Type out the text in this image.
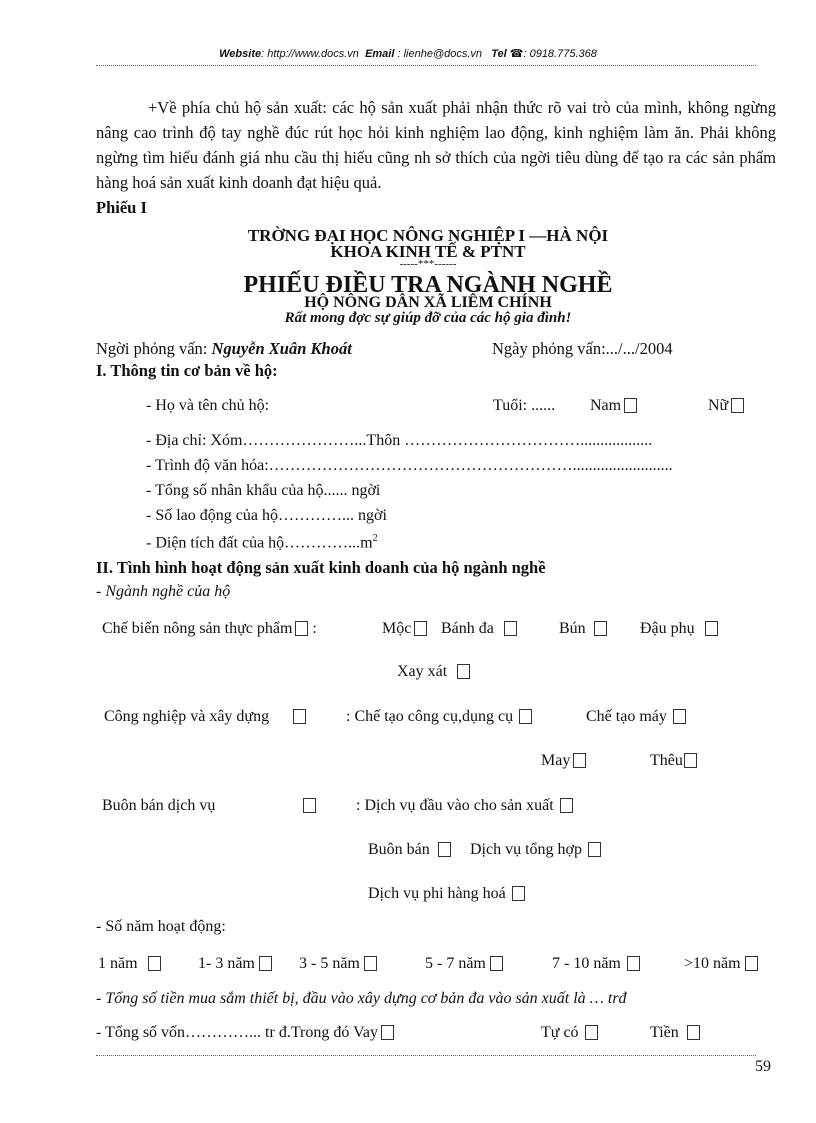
Website: http://www.docs.vn Email : lienhe@docs.vn Tel ☎: 0918.775.368
+Về phía chủ hộ sản xuất: các hộ sản xuất phải nhận thức rõ vai trò của mình, không ngừng nâng cao trình độ tay nghề đúc rút học hỏi kinh nghiệm lao động, kinh nghiệm làm ăn. Phải không ngừng tìm hiểu đánh giá nhu cầu thị hiếu cũng nh sở thích của ngời tiêu dùng để tạo ra các sản phẩm hàng hoá sản xuất kinh doanh đạt hiệu quả.
Phiếu I
TRỜNG ĐẠI HỌC NÔNG NGHIỆP I —HÀ NỘI
KHOA KINH TẾ & PTNT
-----***------
PHIẾU ĐIỀU TRA NGÀNH NGHỀ
HỘ NÔNG DÂN XÃ LIÊM CHÍNH
Rất mong đợc sự giúp đỡ của các hộ gia đình!
Ngời phỏng vấn: Nguyễn Xuân Khoát	Ngày phỏng vấn:.../.../2004
I. Thông tin cơ bản về hộ:
- Họ và tên chủ hộ:	Tuổi: ...... Nam	Nữ
- Địa chỉ: Xóm…………………...Thôn ……………………………..................
- Trình độ văn hóa:………………………………………………….........................
- Tổng số nhân khẩu của hộ...... ngời
- Số lao động của hộ…………... ngời
- Diện tích đất của $hộ\dots\dots\dots\dots...m^2$
II. Tình hình hoạt động sản xuất kinh doanh của hộ ngành nghề
- Ngành nghề của hộ
Chế biến nông sản thực phẩm :	Mộc	Bánh đa	Bún	Đậu phụ
Xay xát
Công nghiệp và xây dựng	: Chế tạo công cụ,dụng cụ	Chế tạo máy
May	Thêu
Buôn bán dịch vụ	: Dịch vụ đầu vào cho sản xuất
Buôn bán	Dịch vụ tổng hợp
Dịch vụ phi hàng hoá
- Số năm hoạt động:
1 năm	1- 3 năm	3 - 5 năm	5 - 7 năm	7 - 10 năm	>10 năm
- Tổng số tiền mua sắm thiết bị, đầu vào xây dựng cơ bản đa vào sản xuất là … trđ
- Tổng số vốn…………... tr đ.Trong đó Vay	Tự có	Tiền
59
